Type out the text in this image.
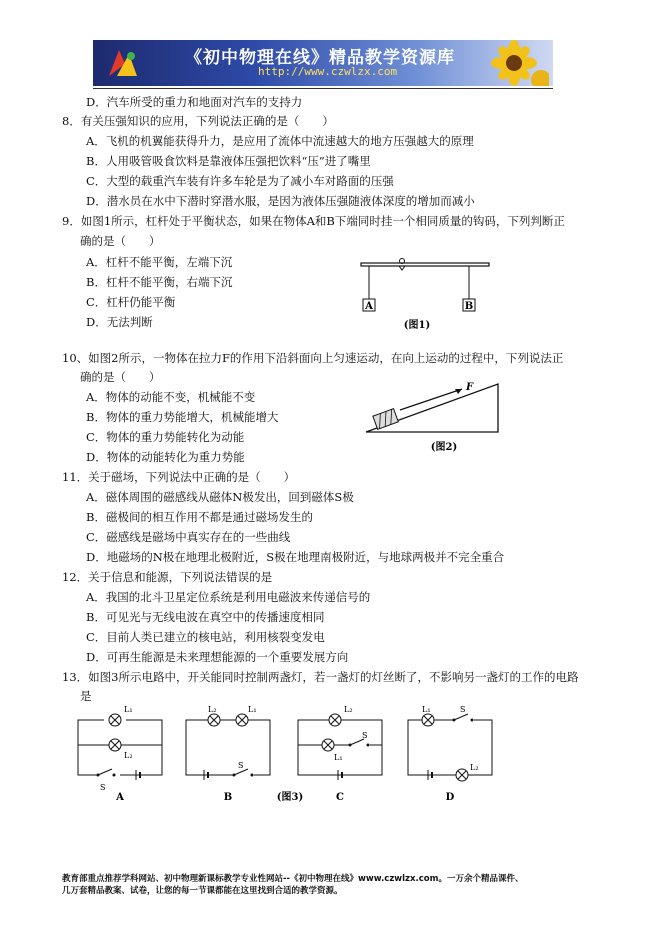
《初中物理在线》精品教学资源库
http://www.czwlzx.com
D．汽车所受的重力和地面对汽车的支持力
8．有关压强知识的应用，下列说法正确的是（　　）
A．飞机的机翼能获得升力，是应用了流体中流速越大的地方压强越大的原理
B．人用吸管吸食饮料是靠液体压强把饮料“压”进了嘴里
C．大型的载重汽车装有许多车轮是为了减小车对路面的压强
D．潜水员在水中下潜时穿潜水服，是因为液体压强随液体深度的增加而减小
9．如图1所示，杠杆处于平衡状态，如果在物体A和B下端同时挂一个相同质量的钩码，下列判断正
确的是（　　）
A．杠杆不能平衡，左端下沉
B．杠杆不能平衡，右端下沉
C．杠杆仍能平衡
D．无法判断
10、如图2所示，一物体在拉力F的作用下沿斜面向上匀速运动，在向上运动的过程中，下列说法正
确的是（　　）
A．物体的动能不变，机械能不变
B．物体的重力势能增大，机械能增大
C．物体的重力势能转化为动能
D．物体的动能转化为重力势能
11．关于磁场，下列说法中正确的是（　　）
A．磁体周围的磁感线从磁体N极发出，回到磁体S极
B．磁极间的相互作用不都是通过磁场发生的
C．磁感线是磁场中真实存在的一些曲线
D．地磁场的N极在地理北极附近，S极在地理南极附近，与地球两极并不完全重合
12．关于信息和能源，下列说法错误的是
A．我国的北斗卫星定位系统是利用电磁波来传递信号的
B．可见光与无线电波在真空中的传播速度相同
C．目前人类已建立的核电站，利用核裂变发电
D．可再生能源是未来理想能源的一个重要发展方向
13．如图3所示电路中，开关能同时控制两盏灯，若一盏灯的灯丝断了，不影响另一盏灯的工作的电路
是
A	B
(图1)
F
(图2)
L₁
L₂
S
A
L₂	L₁
S
B
L₂
L₁
S
C
L₁	S
L₂
D
(图3)
教育部重点推荐学科网站、初中物理新课标教学专业性网站--《初中物理在线》www.czwlzx.com。一万余个精品课件、
几万套精品教案、试卷，让您的每一节课都能在这里找到合适的教学资源。
